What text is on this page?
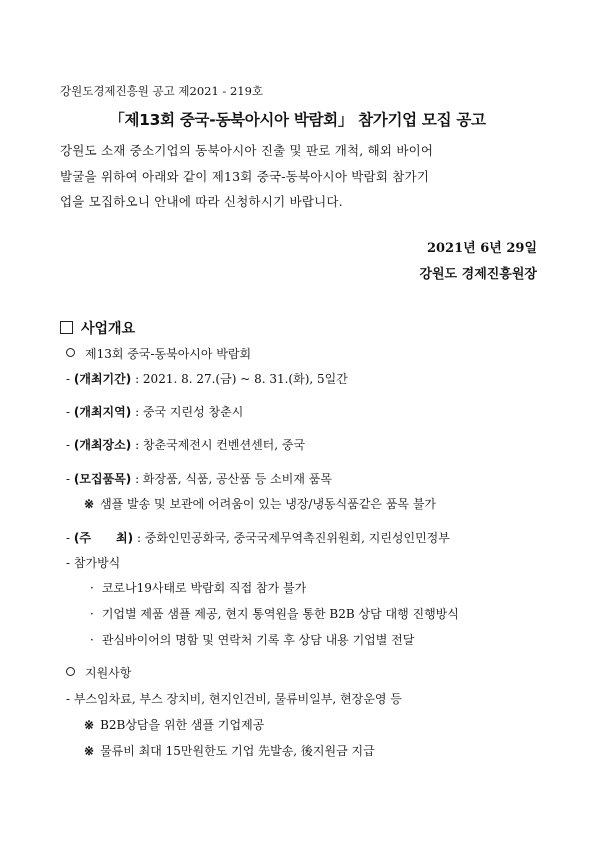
강원도경제진흥원 공고 제2021 - 219호
「제13회 중국-동북아시아 박람회」 참가기업 모집 공고
강원도 소재 중소기업의 동북아시아 진출 및 판로 개척, 해외 바이어
발굴을 위하여 아래와 같이 제13회 중국-동북아시아 박람회 참가기
업을 모집하오니 안내에 따라 신청하시기 바랍니다.
2021년 6년 29일
강원도 경제진흥원장
사업개요
제13회 중국-동북아시아 박람회
- (개최기간) : 2021. 8. 27.(금) ~ 8. 31.(화), 5일간
- (개최지역) : 중국 지린성 창춘시
- (개최장소) : 창춘국제전시 컨벤션센터, 중국
- (모집품목) : 화장품, 식품, 공산품 등 소비재 품목
※ 샘플 발송 및 보관에 어려움이 있는 냉장/냉동식품같은 품목 불가
- (주      최) : 중화인민공화국, 중국국제무역촉진위원회, 지린성인민정부
- 참가방식
· 코로나19사태로 박람회 직접 참가 불가
· 기업별 제품 샘플 제공, 현지 통역원을 통한 B2B 상담 대행 진행방식
· 관심바이어의 명함 및 연락처 기록 후 상담 내용 기업별 전달
지원사항
- 부스임차료, 부스 장치비, 현지인건비, 물류비일부, 현장운영 등
※ B2B상담을 위한 샘플 기업제공
※ 물류비 최대 15만원한도 기업 先발송, 後지원금 지급
